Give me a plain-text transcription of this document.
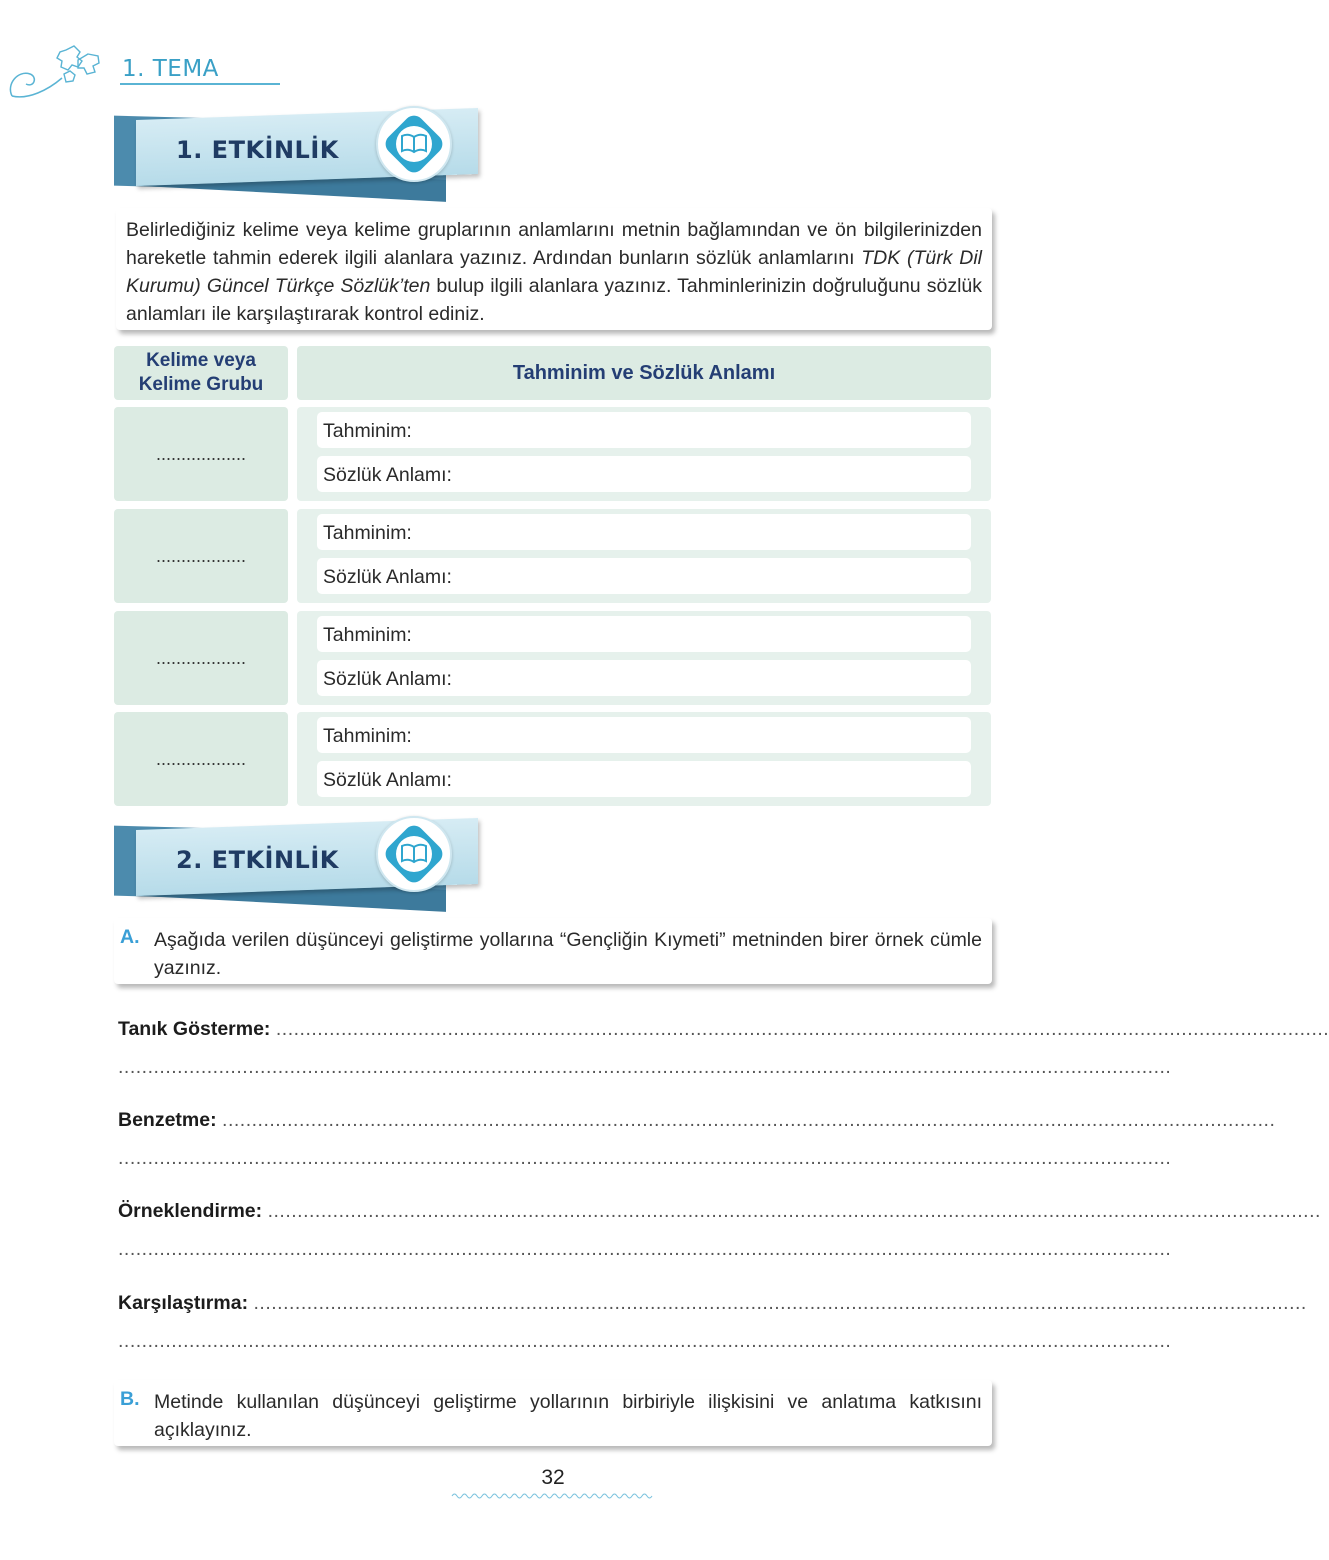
1. TEMA
1. ETKİNLİK

Belirlediğiniz kelime veya kelime gruplarının anlamlarını metnin bağlamından ve ön bilgilerinizden hareketle tahmin ederek ilgili alanlara yazınız. Ardından bunların sözlük anlamlarını TDK (Türk Dil Kurumu) Güncel Türkçe Sözlük’ten bulup ilgili alanlara yazınız. Tahminlerinizin doğruluğunu sözlük anlamları ile karşılaştırarak kontrol ediniz.

Kelime veya
Kelime Grubu
Tahminim ve Sözlük Anlamı
..................
Tahminim:
Sözlük Anlamı:
..................
Tahminim:
Sözlük Anlamı:
..................
Tahminim:
Sözlük Anlamı:
..................
Tahminim:
Sözlük Anlamı:
2. ETKİNLİK
A. Aşağıda verilen düşünceyi geliştirme yollarına “Gençliğin Kıymeti” metninden birer örnek cümle yazınız.
Tanık Gösterme: ..................................................................................................................................................................................
..................................................................................................................................................................................
Benzetme: ..................................................................................................................................................................................
..................................................................................................................................................................................
Örneklendirme: ..................................................................................................................................................................................
..................................................................................................................................................................................
Karşılaştırma: ..................................................................................................................................................................................
..................................................................................................................................................................................
B. Metinde kullanılan düşünceyi geliştirme yollarının birbiriyle ilişkisini ve anlatıma katkısını açıklayınız.
32
